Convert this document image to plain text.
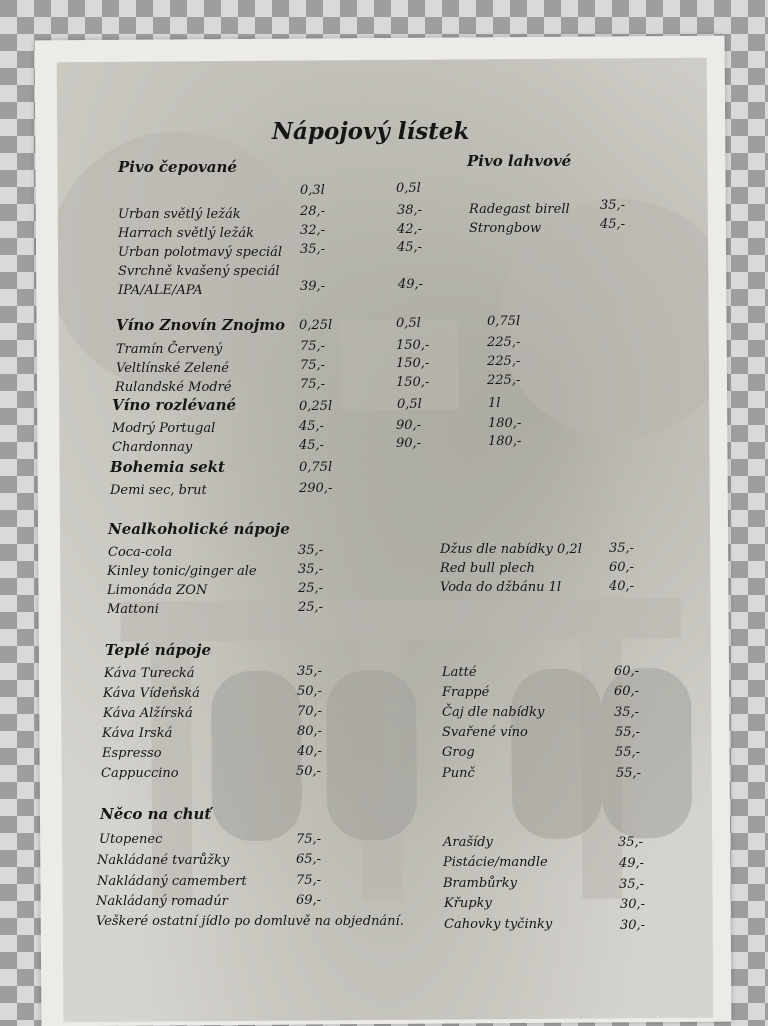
Nápojový lístek
Pivo čepované
0,3l	0,5l
Urban světlý ležák	28,-	38,-
Harrach světlý ležák	32,-	42,-
Urban polotmavý speciál 35,-	45,-
Svrchně kvašený speciál
IPA/ALE/APA	39,-	49,-
Pivo lahvové
Radegast birell 35,-
Strongbow	45,-
Víno Znovín Znojmo 0,25l	0,5l	0,75l
Tramín Červený	75,-	150,-	225,-
Veltlínské Zelené	75,-	150,-	225,-
Rulandské Modré	75,-	150,-	225,-
Víno rozlévané	0,25l	0,5l	1l
Modrý Portugal	45,-	90,-	180,-
Chardonnay	45,-	90,-	180,-
Bohemia sekt	0,75l
Demi sec, brut	290,-
Nealkoholické nápoje
Coca-cola	35,-
Kinley tonic/ginger ale	35,-
Limonáda ZON	25,-
Mattoni	25,-
Džus dle nabídky 0,2l 35,-
Red bull plech	60,-
Voda do džbánu 1l	40,-
Teplé nápoje
Káva Turecká	35,-
Káva Vídeňská	50,-
Káva Alžírská	70,-
Káva Irská	80,-
Espresso	40,-
Cappuccino	50,-
Latté	60,-
Frappé	60,-
Čaj dle nabídky	35,-
Svařené víno	55,-
Grog	55,-
Punč	55,-
Něco na chuť
Utopenec	75,-
Nakládané tvarůžky	65,-
Nakládaný camembert	75,-
Nakládaný romadúr	69,-
Veškeré ostatní jídlo po domluvě na objednání.
Arašídy	35,-
Pistácie/mandle	49,-
Brambůrky	35,-
Křupky	30,-
Cahovky tyčinky	30,-
